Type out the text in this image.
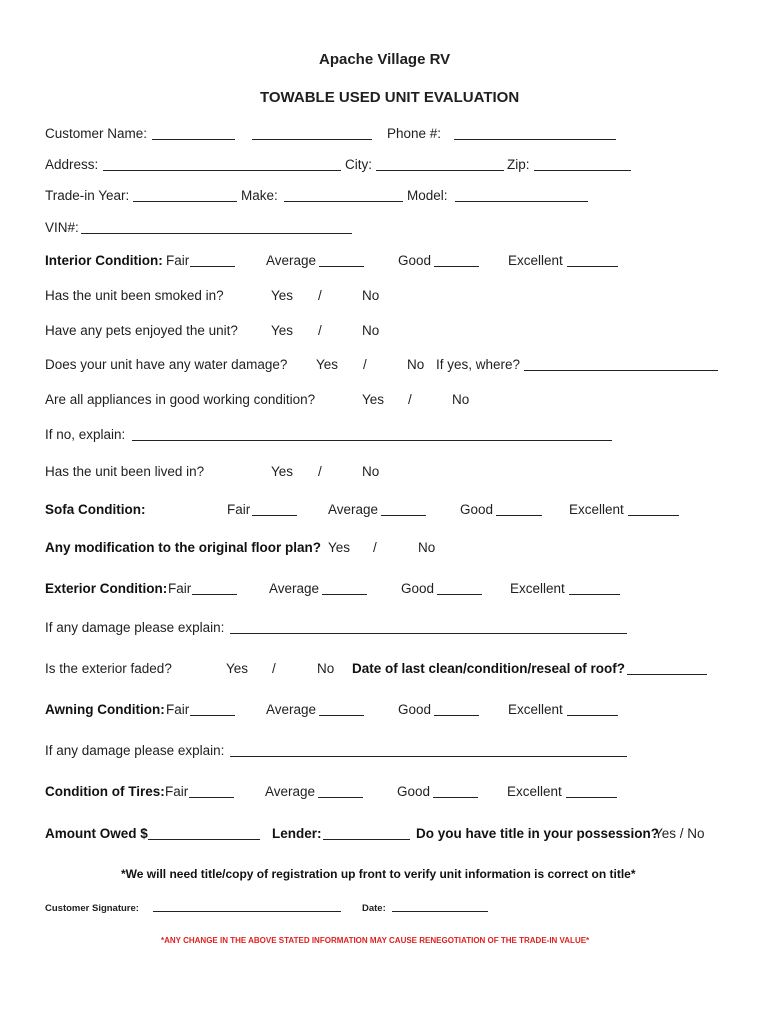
Apache Village RV
TOWABLE USED UNIT EVALUATION
Customer Name:	Phone #:
Address:	City:	Zip:
Trade-in Year:	Make:	Model:
VIN#:
Interior Condition: Fair	Average	Good	Excellent
Has the unit been smoked in?	Yes /	No
Have any pets enjoyed the unit? Yes /	No
Does your unit have any water damage? Yes /	No If yes, where?
Are all appliances in good working condition?	Yes /	No
If no, explain:
Has the unit been lived in?	Yes /	No
Sofa Condition:	Fair	Average	Good	Excellent
Any modification to the original floor plan? Yes /	No
Exterior Condition: Fair	Average	Good	Excellent
If any damage please explain:
Is the exterior faded?	Yes /	No Date of last clean/condition/reseal of roof?
Awning Condition: Fair	Average	Good	Excellent
If any damage please explain:
Condition of Tires: Fair	Average	Good	Excellent
Amount Owed $	Lender:	Do you have title in your possession?
Yes / No
*We will need title/copy of registration up front to verify unit information is correct on title*
Customer Signature:	Date:
*ANY CHANGE IN THE ABOVE STATED INFORMATION MAY CAUSE RENEGOTIATION OF THE TRADE-IN VALUE*
